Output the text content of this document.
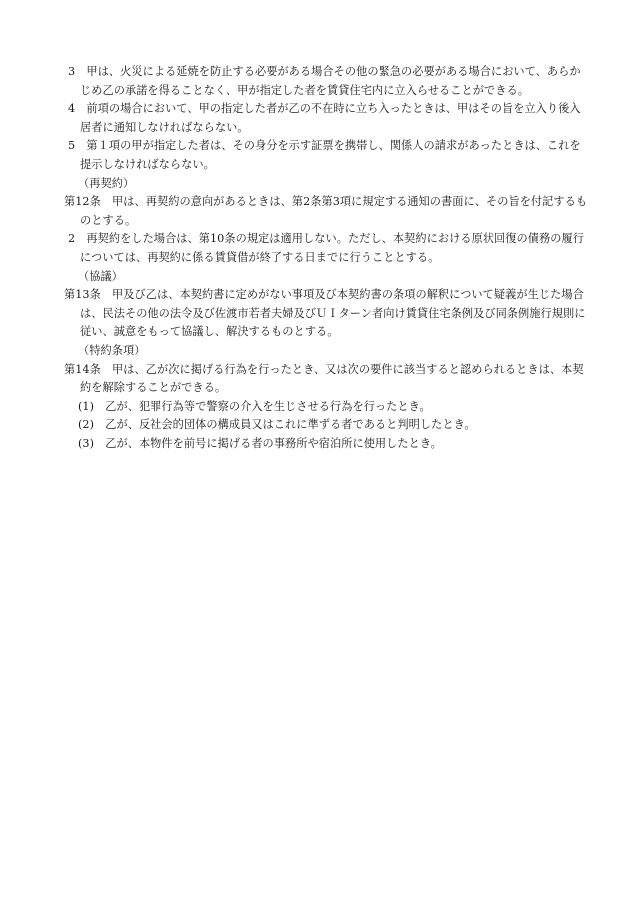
3　甲は、火災による延焼を防止する必要がある場合その他の緊急の必要がある場合において、あらか
じめ乙の承諾を得ることなく、甲が指定した者を賃貸住宅内に立入らせることができる。
4　前項の場合において、甲の指定した者が乙の不在時に立ち入ったときは、甲はその旨を立入り後入
居者に通知しなければならない。
5　第１項の甲が指定した者は、その身分を示す証票を携帯し、関係人の請求があったときは、これを
提示しなければならない。
（再契約）
第12条　甲は、再契約の意向があるときは、第2条第3項に規定する通知の書面に、その旨を付記するも
のとする。
2　再契約をした場合は、第10条の規定は適用しない。ただし、本契約における原状回復の債務の履行
については、再契約に係る賃貸借が終了する日までに行うこととする。
（協議）
第13条　甲及び乙は、本契約書に定めがない事項及び本契約書の条項の解釈について疑義が生じた場合
は、民法その他の法令及び佐渡市若者夫婦及びＵＩターン者向け賃貸住宅条例及び同条例施行規則に
従い、誠意をもって協議し、解決するものとする。
（特約条項）
第14条　甲は、乙が次に掲げる行為を行ったとき、又は次の要件に該当すると認められるときは、本契
約を解除することができる。
(1)　乙が、犯罪行為等で警察の介入を生じさせる行為を行ったとき。
(2)　乙が、反社会的団体の構成員又はこれに準ずる者であると判明したとき。
(3)　乙が、本物件を前号に掲げる者の事務所や宿泊所に使用したとき。
